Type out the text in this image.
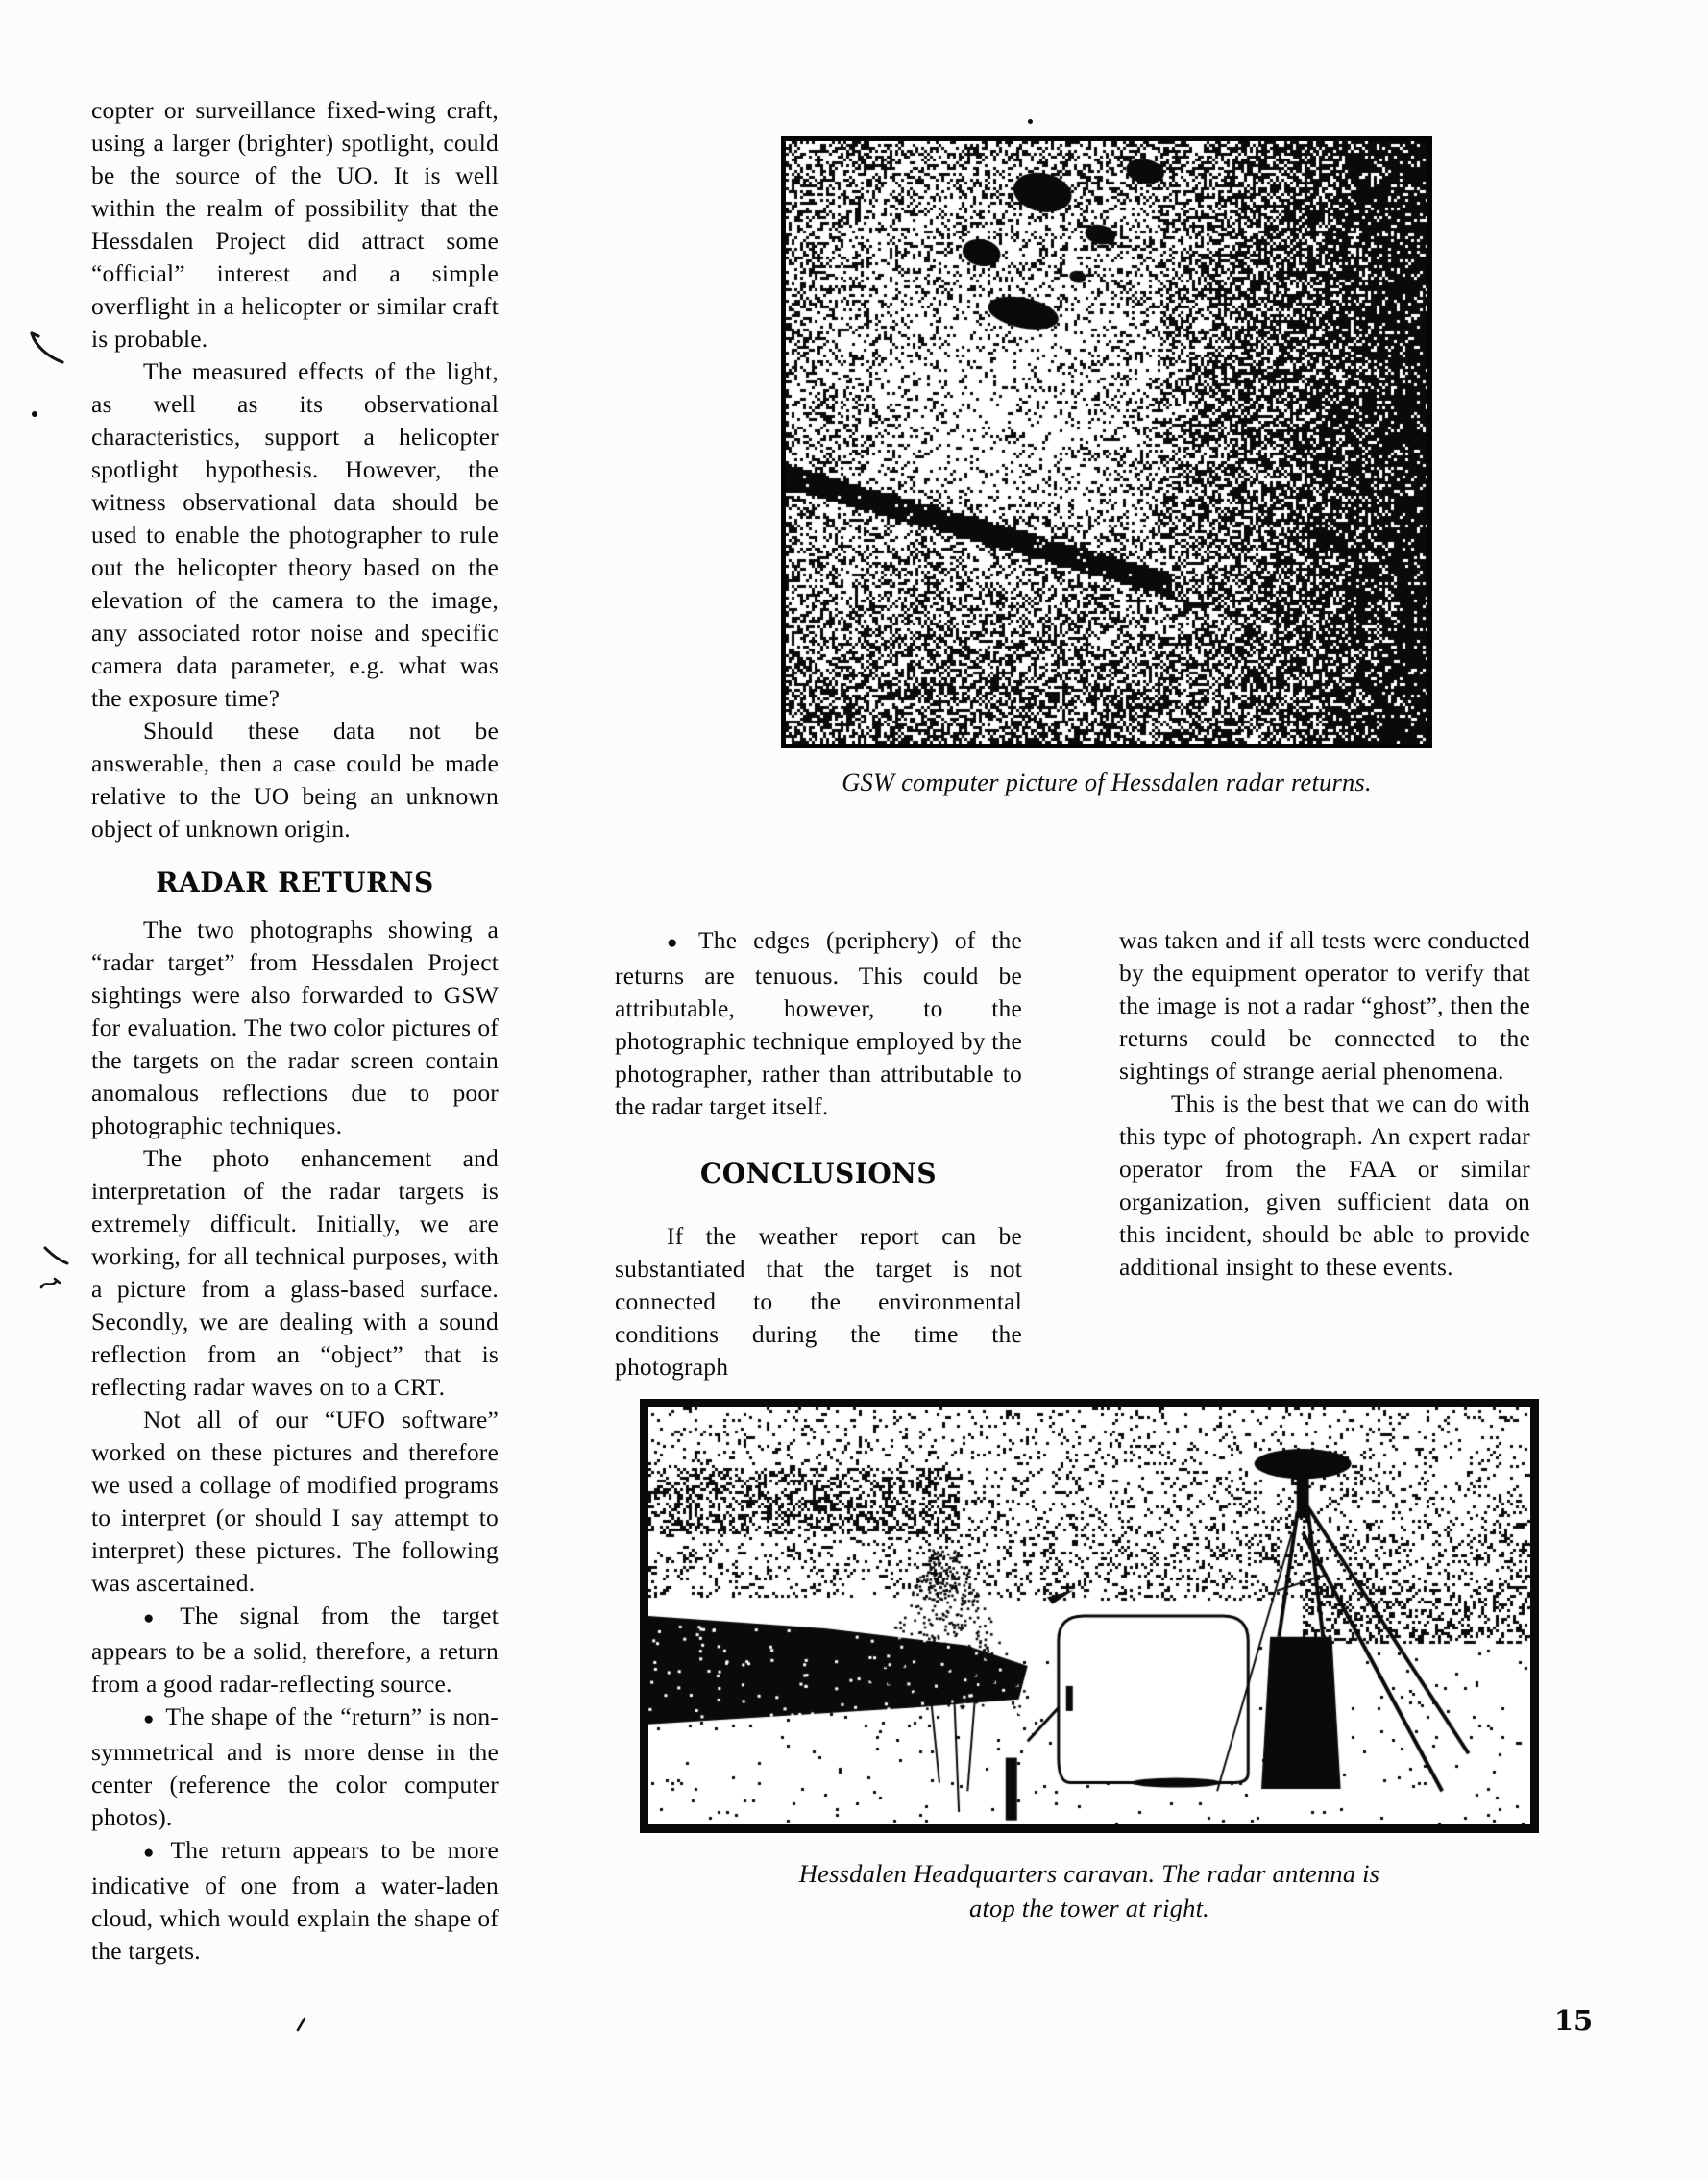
copter or surveillance fixed-wing craft, using a larger (brighter) spotlight, could be the source of the UO. It is well within the realm of possibility that the Hessdalen Project did attract some “official” interest and a simple overflight in a helicopter or similar craft is probable.

The measured effects of the light, as well as its observational characteristics, support a helicopter spotlight hypothesis. However, the witness observational data should be used to enable the photographer to rule out the helicopter theory based on the elevation of the camera to the image, any associated rotor noise and specific camera data parameter, e.g. what was the exposure time?

Should these data not be answerable, then a case could be made relative to the UO being an unknown object of unknown origin.

RADAR RETURNS

The two photographs showing a “radar target” from Hessdalen Project sightings were also forwarded to GSW for evaluation. The two color pictures of the targets on the radar screen contain anomalous reflections due to poor photographic techniques.

The photo enhancement and interpretation of the radar targets is extremely difficult. Initially, we are working, for all technical purposes, with a picture from a glass-based surface. Secondly, we are dealing with a sound reflection from an “object” that is reflecting radar waves on to a CRT.

Not all of our “UFO software” worked on these pictures and therefore we used a collage of modified programs to interpret (or should I say attempt to interpret) these pictures. The following was ascertained.

● The signal from the target appears to be a solid, therefore, a return from a good radar-reflecting source.

● The shape of the “return” is non-symmetrical and is more dense in the center (reference the color computer photos).

● The return appears to be more indicative of one from a water-laden cloud, which would explain the shape of the targets.

GSW computer picture of Hessdalen radar returns.

● The edges (periphery) of the returns are tenuous. This could be attributable, however, to the photographic technique employed by the photographer, rather than attributable to the radar target itself.

CONCLUSIONS

If the weather report can be substantiated that the target is not connected to the environmental conditions during the time the photograph

was taken and if all tests were conducted by the equipment operator to verify that the image is not a radar “ghost”, then the returns could be connected to the sightings of strange aerial phenomena.

This is the best that we can do with this type of photograph. An expert radar operator from the FAA or similar organization, given sufficient data on this incident, should be able to provide additional insight to these events.

Hessdalen Headquarters caravan. The radar antenna is
atop the tower at right.
15
